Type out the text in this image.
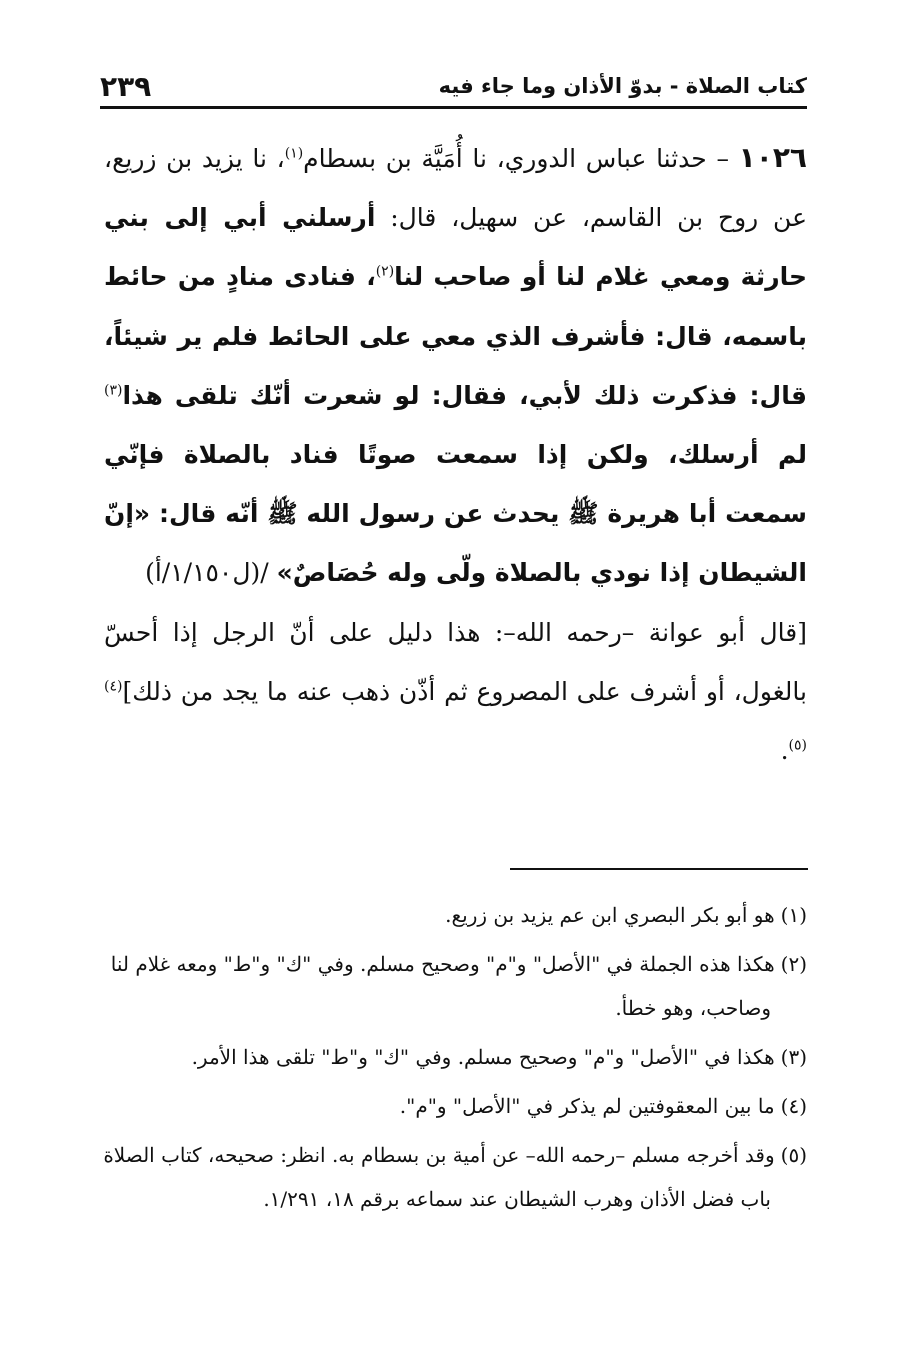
كتاب الصلاة - بدوّ الأذان وما جاء فيه
٢٣٩

١٠٢٦ – حدثنا عباس الدوري، نا أُمَيَّة بن بسطام$^{(١)}$، نا يزيد بن زريع، عن روح بن القاسم، عن سهيل، قال: أرسلني أبي إلى بني حارثة ومعي غلام لنا أو صاحب لنا$^{(٢)}$، فنادى منادٍ من حائط باسمه، قال: فأشرف الذي معي على الحائط فلم ير شيئاً، قال: فذكرت ذلك لأبي، فقال: لو شعرت أنّك تلقى هذا$^{(٣)}$ لم أرسلك، ولكن إذا سمعت صوتًا فناد بالصلاة فإنّي سمعت أبا هريرة ﷺ يحدث عن رسول الله ﷺ أنّه قال: «إنّ الشيطان إذا نودي بالصلاة ولّى وله حُصَاصٌ» /(ل١/١٥٠/أ)

[قال أبو عوانة –رحمه الله–: هذا دليل على أنّ الرجل إذا أحسّ بالغول، أو أشرف على المصروع ثم أذّن ذهب عنه ما يجد من ذلك]$^{(٤)(٥)}$.

(١)هو أبو بكر البصري ابن عم يزيد بن زريع.

(٢)هكذا هذه الجملة في "الأصل" و"م" وصحيح مسلم. وفي "ك" و"ط" ومعه غلام لنا
وصاحب، وهو خطأ.

(٣)هكذا في "الأصل" و"م" وصحيح مسلم. وفي "ك" و"ط" تلقى هذا الأمر.

(٤)ما بين المعقوفتين لم يذكر في "الأصل" و"م".

(٥)وقد أخرجه مسلم –رحمه الله– عن أمية بن بسطام به. انظر: صحيحه، كتاب الصلاة
باب فضل الأذان وهرب الشيطان عند سماعه برقم ١٨، ١/٢٩١.
